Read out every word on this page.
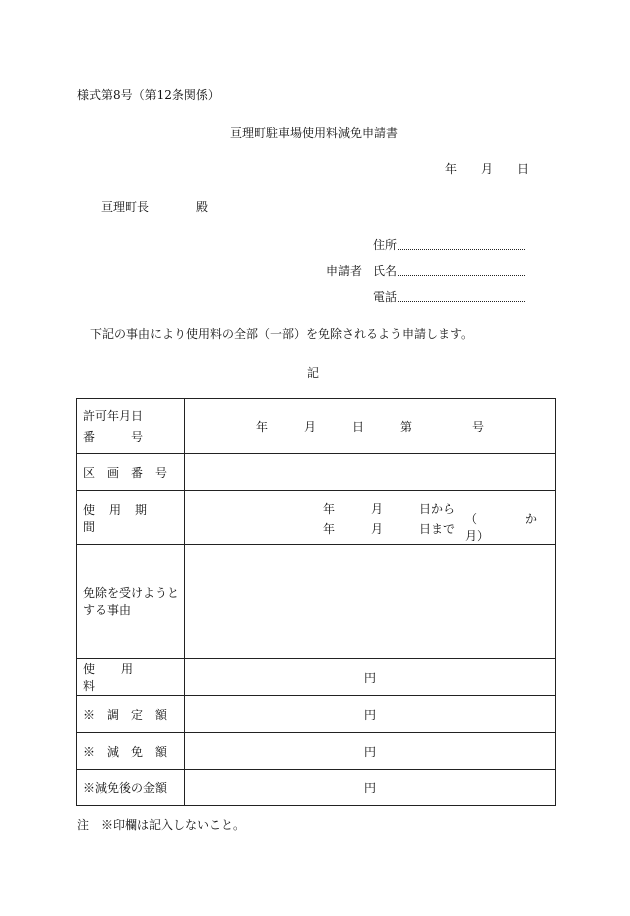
様式第8号（第12条関係）
亘理町駐車場使用料減免申請書
年　　月　　日
亘理町長	殿
住所
申請者 氏名
電話
下記の事由により使用料の全部（一部）を免除されるよう申請します。
記
許可年月日
番　　　号	年　　　月　　　日　　　第　　　　　号
区画番号	
使用期間	年　　　月　　　日から
年　　　月　　　日まで
（　　　　か月）

免除を受けようとする事由	
使用料	円
※調定額	円
※減免額	円
※減免後の金額	円
注　※印欄は記入しないこと。
